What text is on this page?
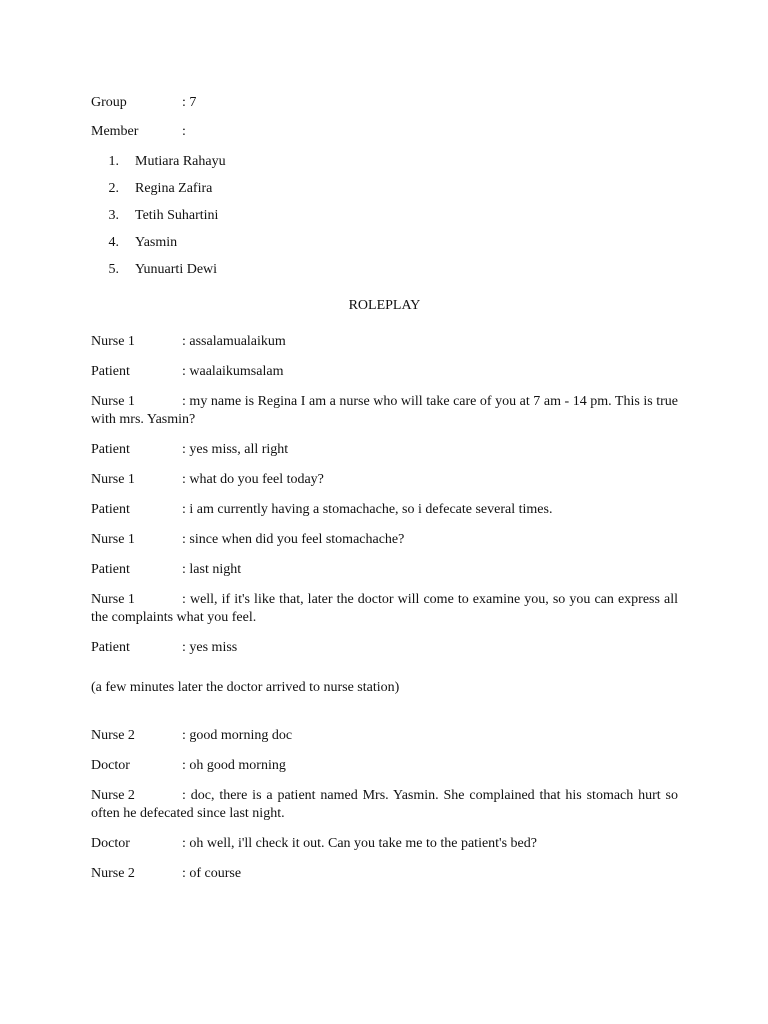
Group	: 7
Member	:
1.	Mutiara Rahayu
2.	Regina Zafira
3.	Tetih Suhartini
4.	Yasmin
5.	Yunuarti Dewi
ROLEPLAY
Nurse 1	: assalamualaikum
Patient	: waalaikumsalam
Nurse 1	: my name is Regina I am a nurse who will take care of you at 7 am - 14 pm. This is true with mrs. Yasmin?
Patient	: yes miss, all right
Nurse 1	: what do you feel today?
Patient	: i am currently having a stomachache, so i defecate several times.
Nurse 1	: since when did you feel stomachache?
Patient	: last night
Nurse 1	: well, if it's like that, later the doctor will come to examine you, so you can express all the complaints what you feel.
Patient	: yes miss
(a few minutes later the doctor arrived to nurse station)
Nurse 2	: good morning doc
Doctor	: oh good morning
Nurse 2	: doc, there is a patient named Mrs. Yasmin. She complained that his stomach hurt so often he defecated since last night.
Doctor	: oh well, i'll check it out. Can you take me to the patient's bed?
Nurse 2	: of course
